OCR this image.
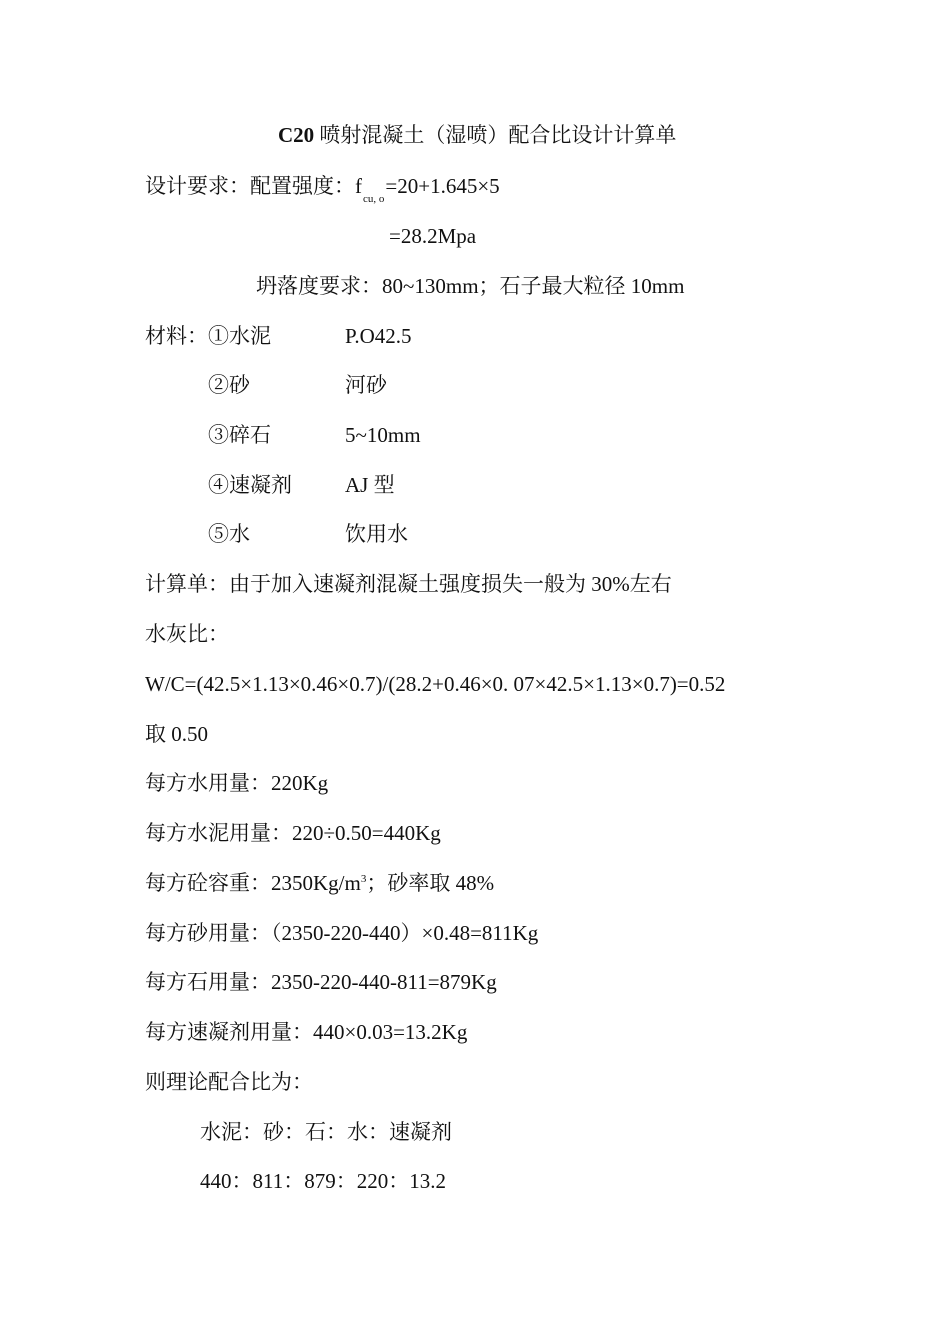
C20 喷射混凝土（湿喷）配合比设计计算单
设计要求：配置强度：$f_{cu, o}=20+1.645\times 5$
=28.2Mpa
坍落度要求：80~130mm；石子最大粒径 10mm
材料： ①水泥	P.O42.5
②砂	河砂
③碎石	5~10mm
④速凝剂	AJ 型
⑤水	饮用水
计算单：由于加入速凝剂混凝土强度损失一般为 30%左右
水灰比：
W/C=(42.5×1.13×0.46×0.7)/(28.2+0.46×0. 07×42.5×1.13×0.7)=0.52
取 0.50
每方水用量：220Kg
每方水泥用量：220÷0.50=440Kg
每方砼容重：$2350Kg/m^3$；砂率取 48%
每方砂用量：（2350-220-440）×0.48=811Kg
每方石用量：2350-220-440-811=879Kg
每方速凝剂用量：440×0.03=13.2Kg
则理论配合比为：
水泥：砂：石：水：速凝剂
440：811：879：220：13.2
